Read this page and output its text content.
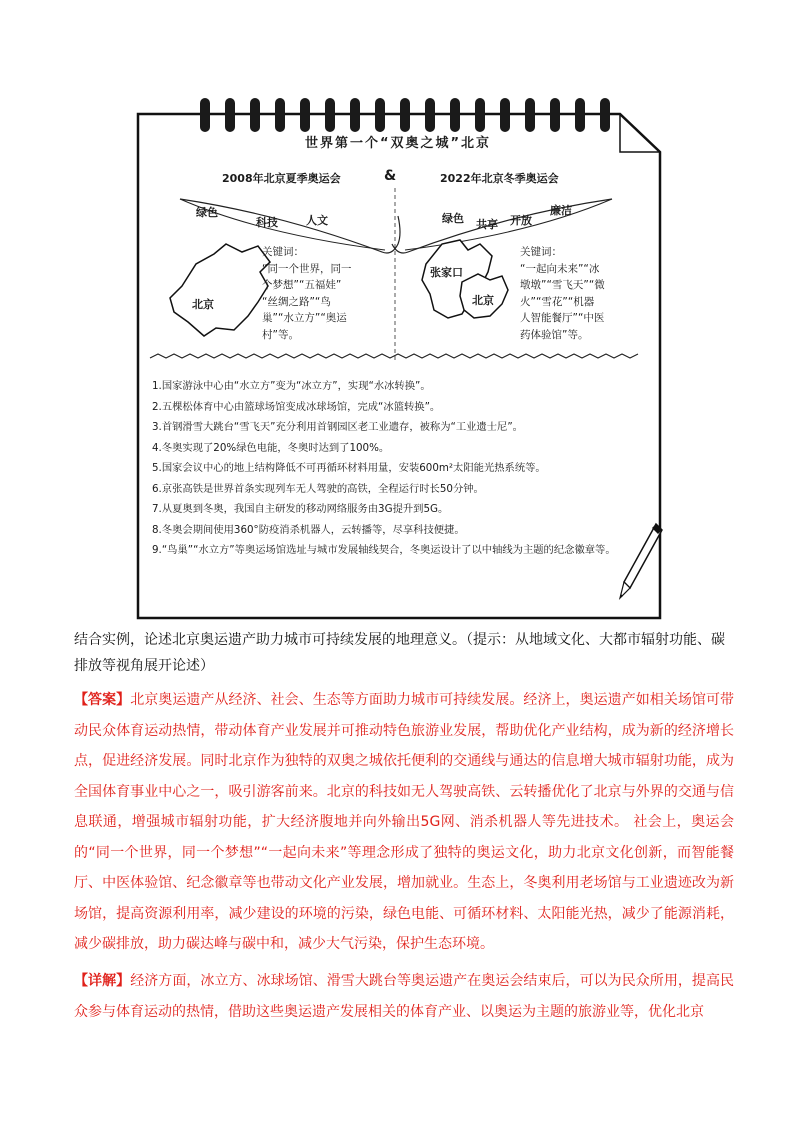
世界第一个“双奥之城”北京
2008年北京夏季奥运会	&	2022年北京冬季奥运会
绿色
科技	人文	绿色 共享 开放
廉洁
北京
张家口
北京
关键词：
“同一个世界，同一
个梦想”“五福娃”
“丝绸之路”“鸟
巢”“水立方”“奥运
村”等。
关键词：
“一起向未来”“冰
墩墩”“雪飞天”“微
火”“雪花”“机器
人智能餐厅”“中医
药体验馆”等。
1.国家游泳中心由“水立方”变为“冰立方”，实现“水冰转换”。
2.五棵松体育中心由篮球场馆变成冰球场馆，完成“冰篮转换”。
3.首钢滑雪大跳台“雪飞天”充分利用首钢园区老工业遗存，被称为“工业遗士尼”。
4.冬奥实现了20%绿色电能，冬奥时达到了100%。
5.国家会议中心的地上结构降低不可再循环材料用量，安装600m²太阳能光热系统等。
6.京张高铁是世界首条实现列车无人驾驶的高铁，全程运行时长50分钟。
7.从夏奥到冬奥，我国自主研发的移动网络服务由3G提升到5G。
8.冬奥会期间使用360°防疫消杀机器人，云转播等，尽享科技便捷。
9.“鸟巢”“水立方”等奥运场馆选址与城市发展轴线契合，冬奥运设计了以中轴线为主题的纪念徽章等。
结合实例，论述北京奥运遗产助力城市可持续发展的地理意义。（提示：从地域文化、大都市辐射功能、碳排放等视角展开论述）
【答案】北京奥运遗产从经济、社会、生态等方面助力城市可持续发展。经济上，奥运遗产如相关场馆可带动民众体育运动热情，带动体育产业发展并可推动特色旅游业发展，帮助优化产业结构，成为新的经济增长点，促进经济发展。同时北京作为独特的双奥之城依托便利的交通线与通达的信息增大城市辐射功能，成为全国体育事业中心之一，吸引游客前来。北京的科技如无人驾驶高铁、云转播优化了北京与外界的交通与信息联通，增强城市辐射功能，扩大经济腹地并向外输出5G网、消杀机器人等先进技术。 社会上，奥运会的“同一个世界，同一个梦想”“一起向未来”等理念形成了独特的奥运文化，助力北京文化创新，而智能餐厅、中医体验馆、纪念徽章等也带动文化产业发展，增加就业。生态上，冬奥利用老场馆与工业遗迹改为新场馆，提高资源利用率，减少建设的环境的污染，绿色电能、可循环材料、太阳能光热，减少了能源消耗，减少碳排放，助力碳达峰与碳中和，减少大气污染，保护生态环境。
【详解】经济方面，冰立方、冰球场馆、滑雪大跳台等奥运遗产在奥运会结束后，可以为民众所用，提高民众参与体育运动的热情，借助这些奥运遗产发展相关的体育产业、以奥运为主题的旅游业等，优化北京
